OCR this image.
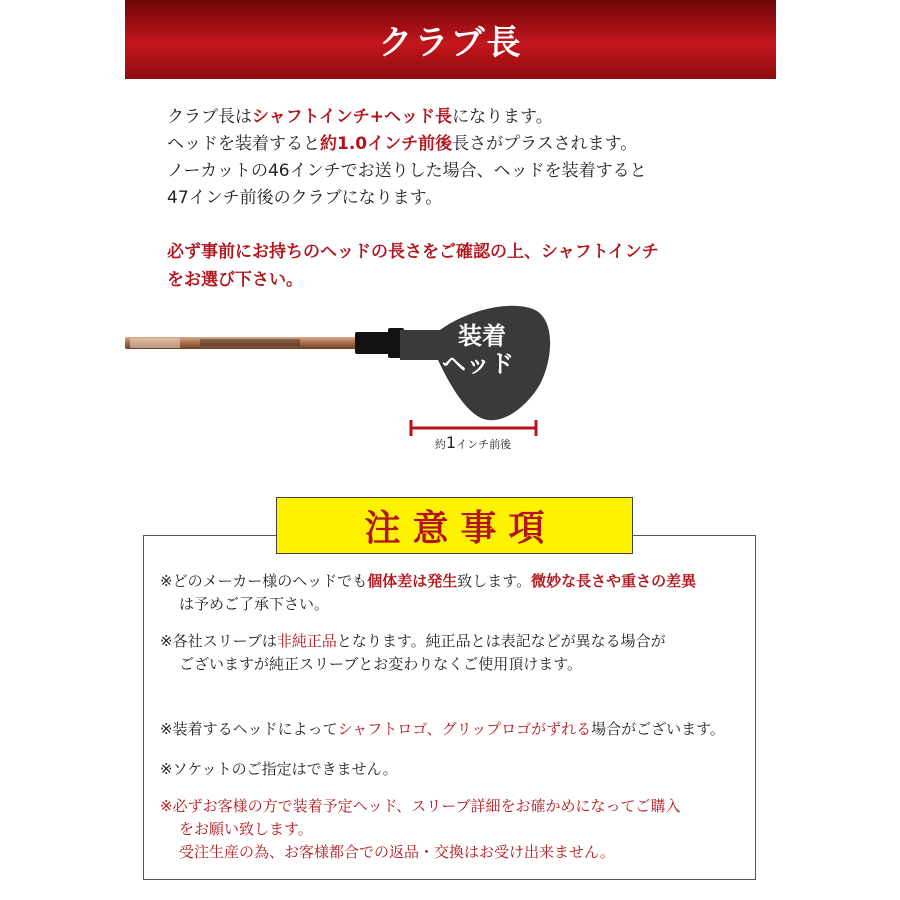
クラブ長
クラブ長はシャフトインチ+ヘッド長になります。
ヘッドを装着すると約1.0インチ前後長さがプラスされます。
ノーカットの46インチでお送りした場合、ヘッドを装着すると
47インチ前後のクラブになります。
必ず事前にお持ちのヘッドの長さをご確認の上、シャフトインチ
をお選び下さい。
装着
ヘッド
約1インチ前後
注意事項
※どのメーカー様のヘッドでも個体差は発生致します。微妙な長さや重さの差異
は予めご了承下さい。
※各社スリーブは非純正品となります。純正品とは表記などが異なる場合が
ございますが純正スリーブとお変わりなくご使用頂けます。
※装着するヘッドによってシャフトロゴ、グリップロゴがずれる場合がございます。
※ソケットのご指定はできません。
※必ずお客様の方で装着予定ヘッド、スリーブ詳細をお確かめになってご購入
をお願い致します。
受注生産の為、お客様都合での返品・交換はお受け出来ません。
